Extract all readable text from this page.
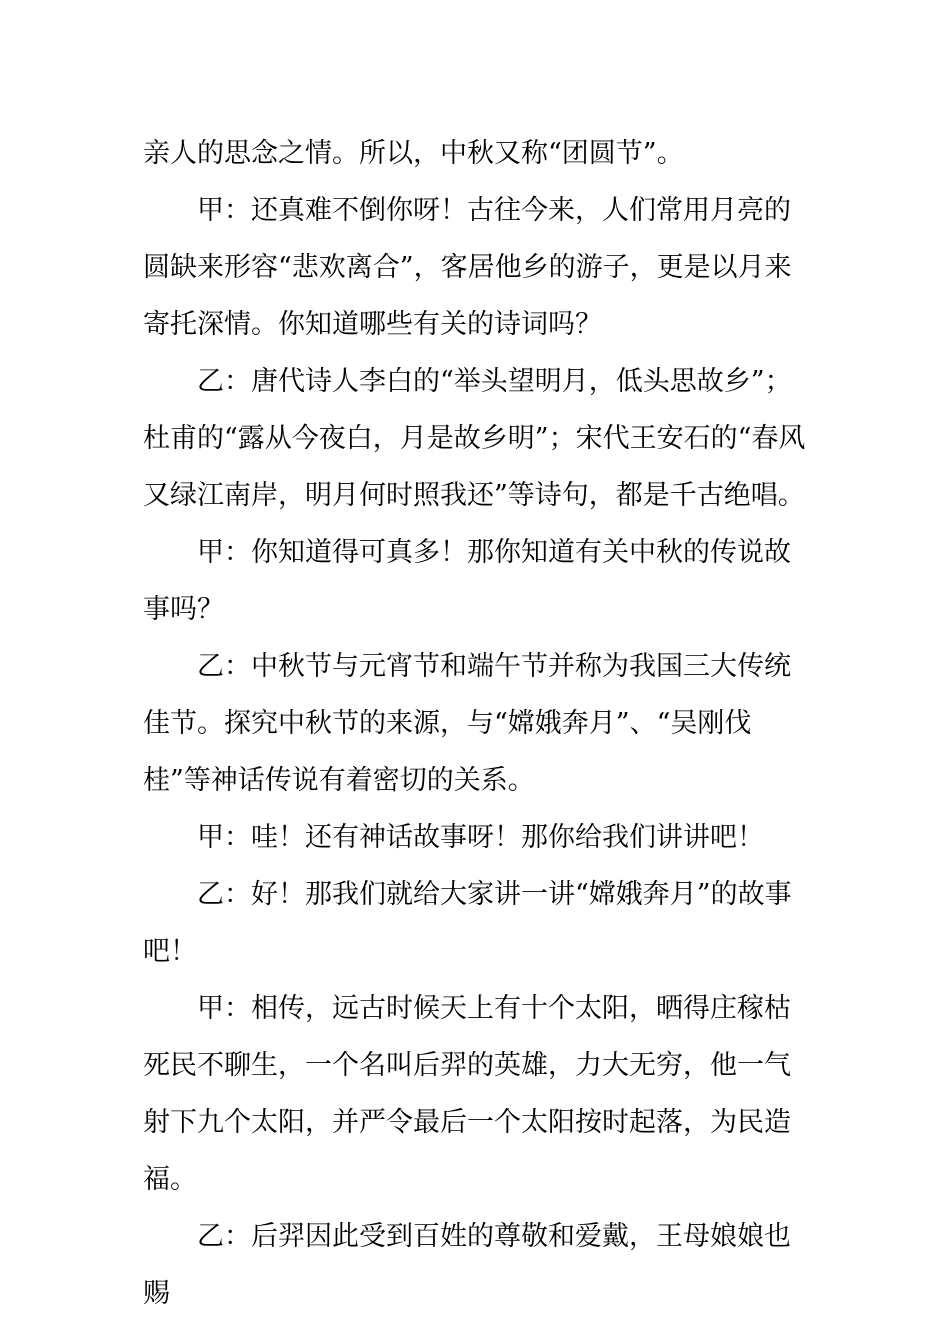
亲人的思念之情。所以，中秋又称“团圆节”。

甲：还真难不倒你呀！古往今来，人们常用月亮的圆缺来形容“悲欢离合”，客居他乡的游子，更是以月来寄托深情。你知道哪些有关的诗词吗？

乙：唐代诗人李白的“举头望明月，低头思故乡”；杜甫的“露从今夜白，月是故乡明”；宋代王安石的“春风又绿江南岸，明月何时照我还”等诗句，都是千古绝唱。

甲：你知道得可真多！那你知道有关中秋的传说故事吗？

乙：中秋节与元宵节和端午节并称为我国三大传统佳节。探究中秋节的来源，与“嫦娥奔月”、“吴刚伐桂”等神话传说有着密切的关系。

甲：哇！还有神话故事呀！那你给我们讲讲吧！

乙：好！那我们就给大家讲一讲“嫦娥奔月”的故事吧！

甲：相传，远古时候天上有十个太阳，晒得庄稼枯死民不聊生，一个名叫后羿的英雄，力大无穷，他一气射下九个太阳，并严令最后一个太阳按时起落，为民造福。

乙：后羿因此受到百姓的尊敬和爱戴，王母娘娘也赐
